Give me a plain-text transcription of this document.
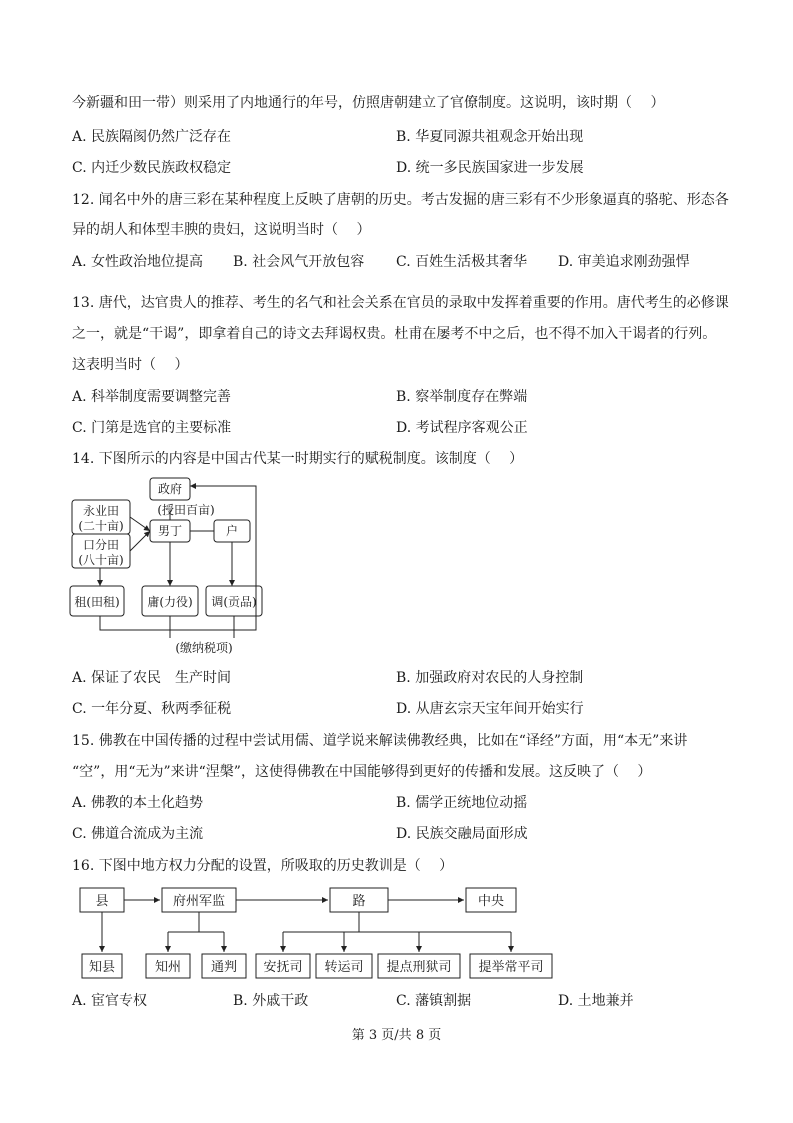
今新疆和田一带）则采用了内地通行的年号，仿照唐朝建立了官僚制度。这说明，该时期（　 ）
A. 民族隔阂仍然广泛存在	B. 华夏同源共祖观念开始出现
C. 内迁少数民族政权稳定	D. 统一多民族国家进一步发展
12. 闻名中外的唐三彩在某种程度上反映了唐朝的历史。考古发掘的唐三彩有不少形象逼真的骆驼、形态各
异的胡人和体型丰腴的贵妇，这说明当时（　 ）
A. 女性政治地位提高 B. 社会风气开放包容 C. 百姓生活极其奢华 D. 审美追求刚劲强悍
13. 唐代，达官贵人的推荐、考生的名气和社会关系在官员的录取中发挥着重要的作用。唐代考生的必修课
之一，就是“干谒”，即拿着自己的诗文去拜谒权贵。杜甫在屡考不中之后，也不得不加入干谒者的行列。
这表明当时（　 ）
A. 科举制度需要调整完善	B. 察举制度存在弊端
C. 门第是选官的主要标准	D. 考试程序客观公正
14. 下图所示的内容是中国古代某一时期实行的赋税制度。该制度（　 ）
政府
(授田百亩)
永业田
(二十亩)
口分田
(八十亩)
男丁	户
租(田租) 庸(力役) 调(贡品)
(缴纳税项)
A. 保证了农民　生产时间	B. 加强政府对农民的人身控制
C. 一年分夏、秋两季征税	D. 从唐玄宗天宝年间开始实行
15. 佛教在中国传播的过程中尝试用儒、道学说来解读佛教经典，比如在“译经”方面，用“本无”来讲
“空”，用“无为”来讲“涅槃”，这使得佛教在中国能够得到更好的传播和发展。这反映了（　 ）
A. 佛教的本土化趋势	B. 儒学正统地位动摇
C. 佛道合流成为主流	D. 民族交融局面形成
16. 下图中地方权力分配的设置，所吸取的历史教训是（　 ）
县	府州军监	路	中央
知县	知州 通判 安抚司 转运司 提点刑狱司 提举常平司
A. 宦官专权	B. 外戚干政	C. 藩镇割据	D. 土地兼并
第 3 页/共 8 页
